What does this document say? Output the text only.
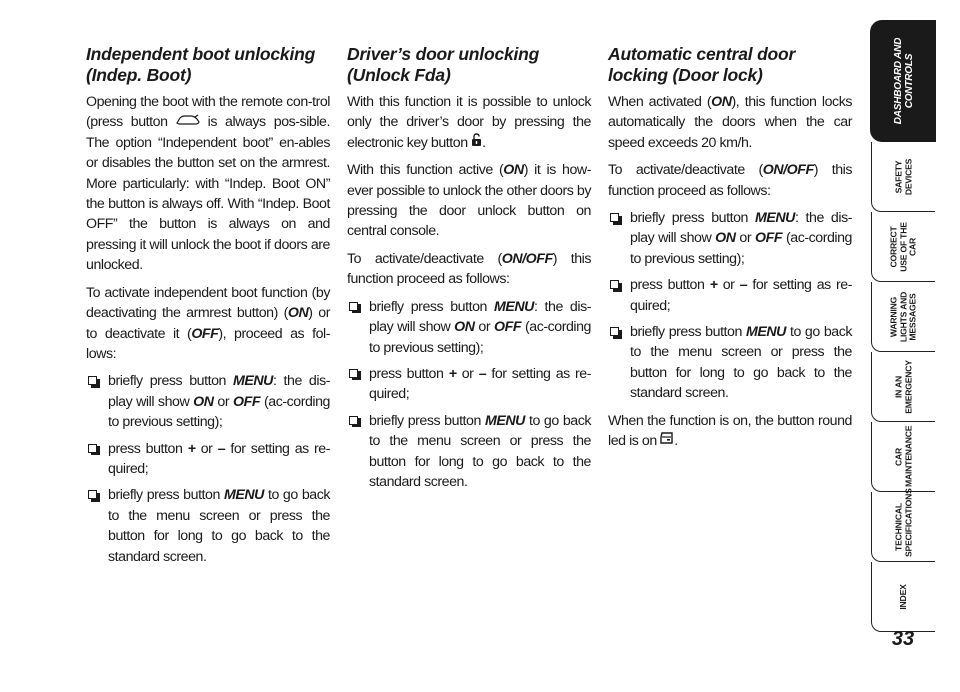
Independent boot unlocking (Indep. Boot)

Opening the boot with the remote con-trol (press button  is always pos-sible. The option “Independent boot” en-ables or disables the button set on the armrest. More particularly: with “Indep. Boot ON” the button is always off. With “Indep. Boot OFF” the button is always on and pressing it will unlock the boot if doors are unlocked.

To activate independent boot function (by deactivating the armrest button) (ON) or to deactivate it (OFF), proceed as fol-lows:

briefly press button MENU: the dis-play will show ON or OFF (ac-cording to previous setting);
press button + or – for setting as re-quired;
briefly press button MENU to go back to the menu screen or press the button for long to go back to the standard screen.
Driver’s door unlocking (Unlock Fda)

With this function it is possible to unlock only the driver’s door by pressing the electronic key button .

With this function active (ON) it is how-ever possible to unlock the other doors by pressing the door unlock button on central console.

To activate/deactivate (ON/OFF) this function proceed as follows:

briefly press button MENU: the dis-play will show ON or OFF (ac-cording to previous setting);
press button + or – for setting as re-quired;
briefly press button MENU to go back to the menu screen or press the button for long to go back to the standard screen.
Automatic central door locking (Door lock)

When activated (ON), this function locks automatically the doors when the car speed exceeds 20 km/h.

To activate/deactivate (ON/OFF) this function proceed as follows:

briefly press button MENU: the dis-play will show ON or OFF (ac-cording to previous setting);
press button + or – for setting as re-quired;
briefly press button MENU to go back to the menu screen or press the button for long to go back to the standard screen.

When the function is on, the button round led is on .

DASHBOARD AND CONTROLS
SAFETY DEVICES
CORRECT USE OF THE CAR
WARNING LIGHTS AND MESSAGES
IN AN EMERGENCY
CAR MAINTENANCE
TECHNICAL SPECIFICATIONS
INDEX
33
